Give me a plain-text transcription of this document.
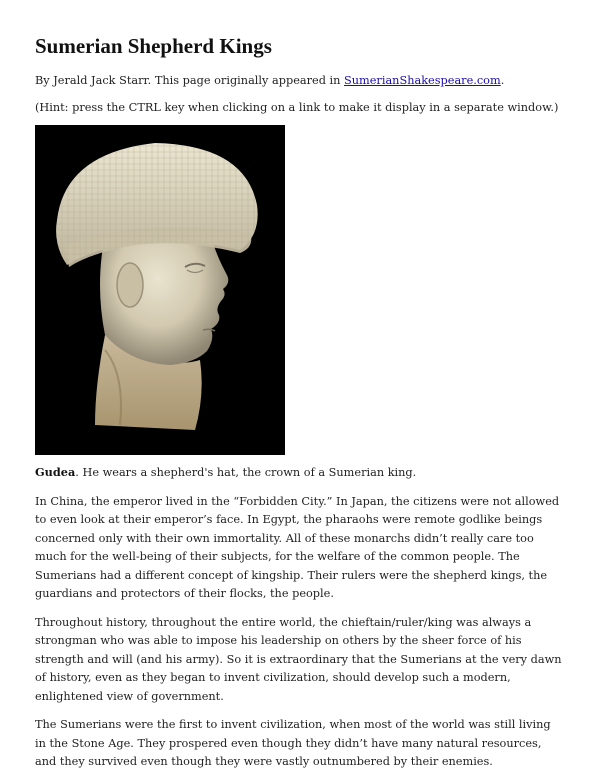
Sumerian Shepherd Kings

By Jerald Jack Starr. This page originally appeared in SumerianShakespeare.com.

(Hint: press the CTRL key when clicking on a link to make it display in a separate window.)

Gudea. He wears a shepherd's hat, the crown of a Sumerian king.

In China, the emperor lived in the “Forbidden City.” In Japan, the citizens were not allowed to even look at their emperor’s face. In Egypt, the pharaohs were remote godlike beings concerned only with their own immortality. All of these monarchs didn’t really care too much for the well-being of their subjects, for the welfare of the common people. The Sumerians had a different concept of kingship. Their rulers were the shepherd kings, the guardians and protectors of their flocks, the people.

Throughout history, throughout the entire world, the chieftain/ruler/king was always a strongman who was able to impose his leadership on others by the sheer force of his strength and will (and his army). So it is extraordinary that the Sumerians at the very dawn of history, even as they began to invent civilization, should develop such a modern, enlightened view of government.

The Sumerians were the first to invent civilization, when most of the world was still living in the Stone Age. They prospered even though they didn’t have many natural resources, and they survived even though they were vastly outnumbered by their enemies.
